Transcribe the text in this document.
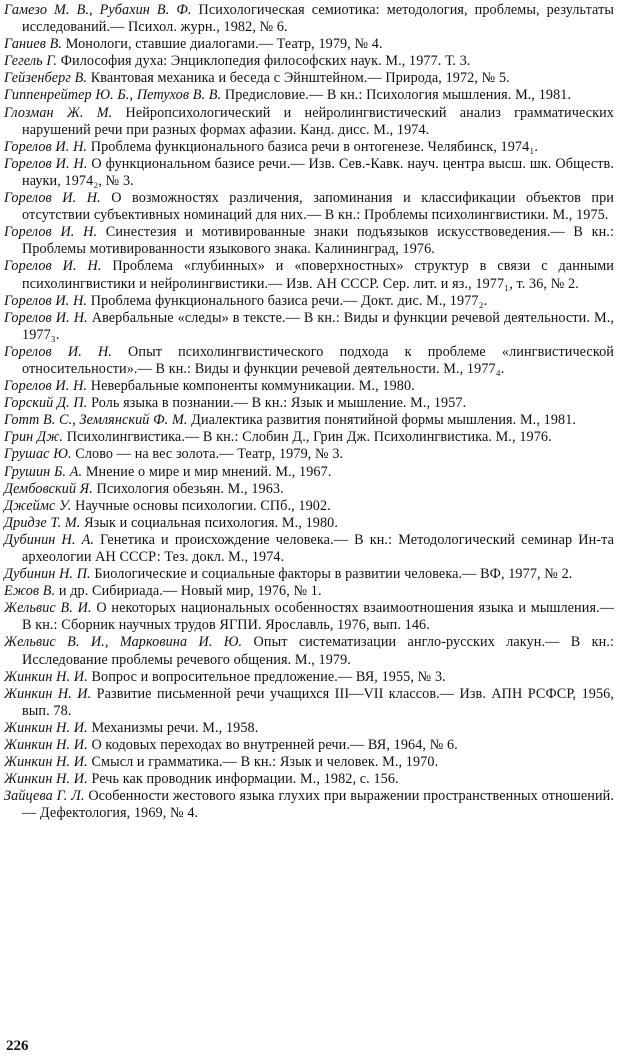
Гамезо М. В., Рубахин В. Ф. Психологическая семиотика: методология, проблемы, результаты исследований.— Психол. журн., 1982, № 6.

Ганиев В. Монологи, ставшие диалогами.— Театр, 1979, № 4.

Гегель Г. Философия духа: Энциклопедия философских наук. М., 1977. Т. 3.

Гейзенберг В. Квантовая механика и беседа с Эйнштейном.— Природа, 1972, № 5.

Гиппенрейтер Ю. Б., Петухов В. В. Предисловие.— В кн.: Психология мышления. М., 1981.

Глозман Ж. М. Нейропсихологический и нейролингвистический анализ грамматических нарушений речи при разных формах афазии. Канд. дисс. М., 1974.

Горелов И. Н. Проблема функционального базиса речи в онтогенезе. Челябинск, 1974₁.

Горелов И. Н. О функциональном базисе речи.— Изв. Сев.-Кавк. науч. центра высш. шк. Обществ. науки, 1974₂, № 3.

Горелов И. Н. О возможностях различения, запоминания и классификации объектов при отсутствии субъективных номинаций для них.— В кн.: Проблемы психолингвистики. М., 1975.

Горелов И. Н. Синестезия и мотивированные знаки подъязыков искусствоведения.— В кн.: Проблемы мотивированности языкового знака. Калининград, 1976.

Горелов И. Н. Проблема «глубинных» и «поверхностных» структур в связи с данными психолингвистики и нейролингвистики.— Изв. АН СССР. Сер. лит. и яз., 1977₁, т. 36, № 2.

Горелов И. Н. Проблема функционального базиса речи.— Докт. дис. М., 1977₂.

Горелов И. Н. Авербальные «следы» в тексте.— В кн.: Виды и функции речевой деятельности. М., 1977₃.

Горелов И. Н. Опыт психолингвистического подхода к проблеме «лингвистической относительности».— В кн.: Виды и функции речевой деятельности. М., 1977₄.

Горелов И. Н. Невербальные компоненты коммуникации. М., 1980.

Горский Д. П. Роль языка в познании.— В кн.: Язык и мышление. М., 1957.

Готт В. С., Землянский Ф. М. Диалектика развития понятийной формы мышления. М., 1981.

Грин Дж. Психолингвистика.— В кн.: Слобин Д., Грин Дж. Психолингвистика. М., 1976.

Грушас Ю. Слово — на вес золота.— Театр, 1979, № 3.

Грушин Б. А. Мнение о мире и мир мнений. М., 1967.

Дембовский Я. Психология обезьян. М., 1963.

Джеймс У. Научные основы психологии. СПб., 1902.

Дридзе Т. М. Язык и социальная психология. М., 1980.

Дубинин Н. А. Генетика и происхождение человека.— В кн.: Методологический семинар Ин-та археологии АН СССР: Тез. докл. М., 1974.

Дубинин Н. П. Биологические и социальные факторы в развитии человека.— ВФ, 1977, № 2.

Ежов В. и др. Сибириада.— Новый мир, 1976, № 1.

Жельвис В. И. О некоторых национальных особенностях взаимоотношения языка и мышления.— В кн.: Сборник научных трудов ЯГПИ. Ярославль, 1976, вып. 146.

Жельвис В. И., Марковина И. Ю. Опыт систематизации англо-русских лакун.— В кн.: Исследование проблемы речевого общения. М., 1979.

Жинкин Н. И. Вопрос и вопросительное предложение.— ВЯ, 1955, № 3.

Жинкин Н. И. Развитие письменной речи учащихся III—VII классов.— Изв. АПН РСФСР, 1956, вып. 78.

Жинкин Н. И. Механизмы речи. М., 1958.

Жинкин Н. И. О кодовых переходах во внутренней речи.— ВЯ, 1964, № 6.

Жинкин Н. И. Смысл и грамматика.— В кн.: Язык и человек. М., 1970.

Жинкин Н. И. Речь как проводник информации. М., 1982, с. 156.

Зайцева Г. Л. Особенности жестового языка глухих при выражении пространственных отношений.— Дефектология, 1969, № 4.

226
